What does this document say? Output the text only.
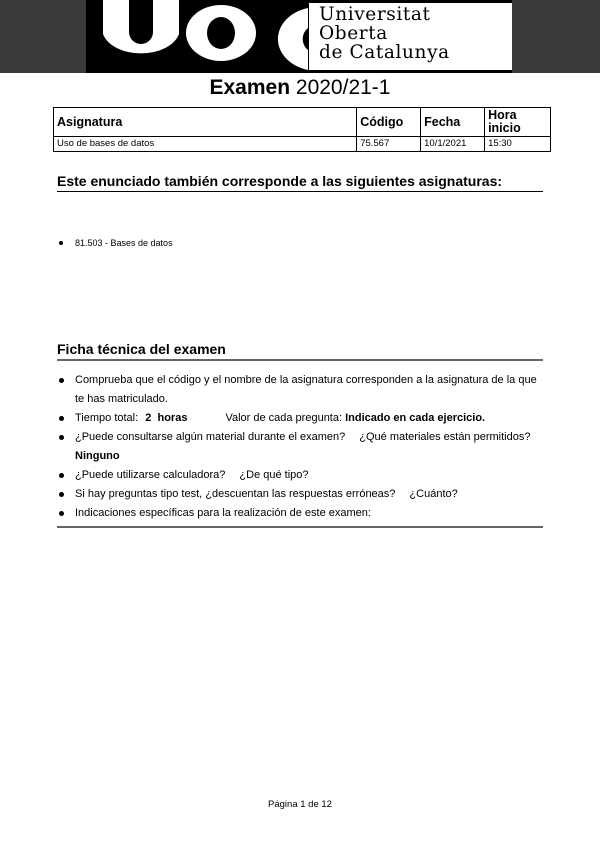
Universitat
Oberta
de Catalunya
Examen 2020/21-1
Asignatura	Código	Fecha	Hora inicio
Uso de bases de datos	75.567	10/1/2021	15:30
Este enunciado también corresponde a las siguientes asignaturas:
81.503 - Bases de datos
Ficha técnica del examen
Comprueba que el código y el nombre de la asignatura corresponden a la asignatura de la que te has matriculado.
Tiempo total: 2  horas	Valor de cada pregunta: Indicado en cada ejercicio.
¿Puede consultarse algún material durante el examen? ¿Qué materiales están permitidos?
Ninguno
¿Puede utilizarse calculadora? ¿De qué tipo?
Si hay preguntas tipo test, ¿descuentan las respuestas erróneas? ¿Cuánto?
Indicaciones específicas para la realización de este examen:
Página 1 de 12
